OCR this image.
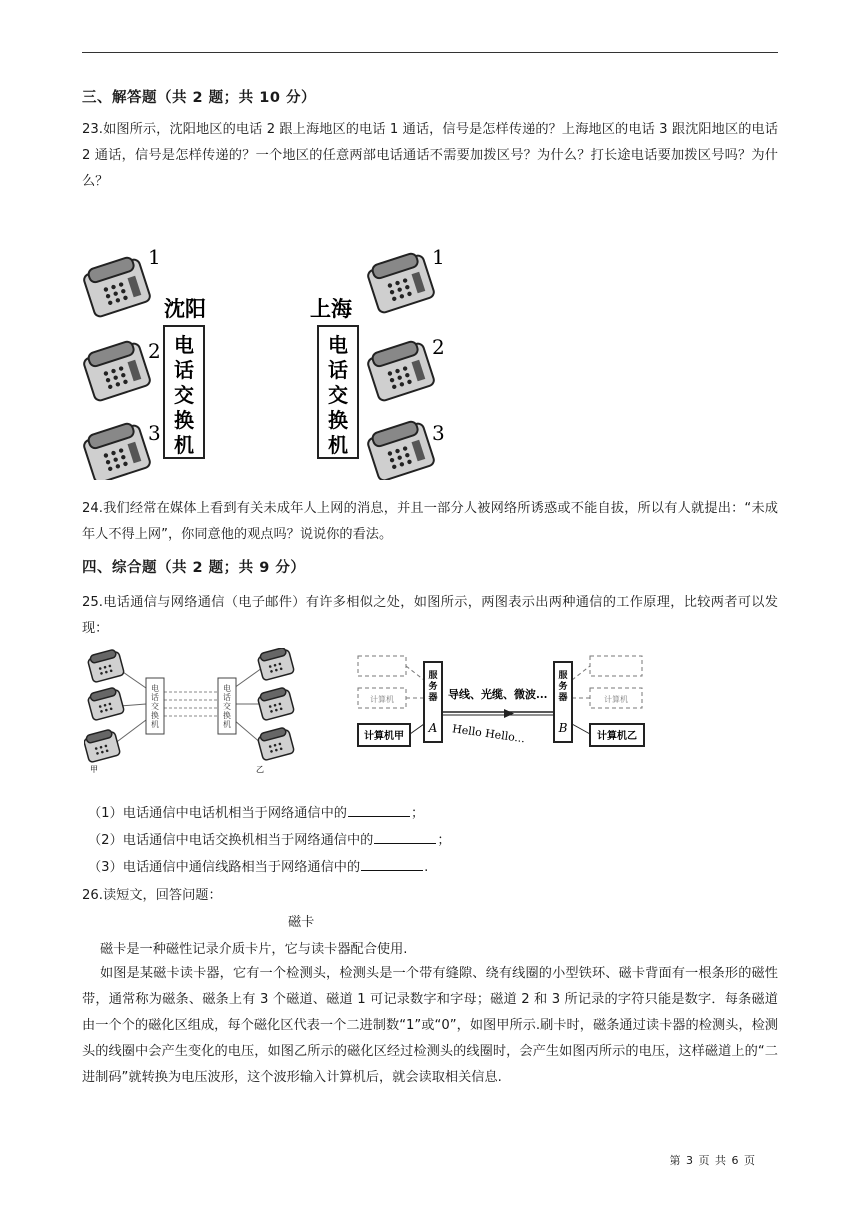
三、解答题（共 2 题；共 10 分）
23.如图所示，沈阳地区的电话 2 跟上海地区的电话 1 通话，信号是怎样传递的？上海地区的电话 3 跟沈阳地区的电话 2 通话，信号是怎样传递的？一个地区的任意两部电话通话不需要加拨区号？为什么？打长途电话要加拨区号吗？为什么？
1
2
3
1
2
3
沈阳	上海
电
话
交
换
机
电
话
交
换
机
24.我们经常在媒体上看到有关未成年人上网的消息，并且一部分人被网络所诱惑或不能自拔，所以有人就提出：“未成年人不得上网”，你同意他的观点吗？说说你的看法。
四、综合题（共 2 题；共 9 分）
25.电话通信与网络通信（电子邮件）有许多相似之处，如图所示，两图表示出两种通信的工作原理，比较两者可以发现：
电
话
交
换
机
电
话
交
换
机
甲	乙
服
务
器
服
务
器
A	B
导线、光缆、微波...
Hello Hello...
计算机	计算机
计算机甲	计算机乙
（1）电话通信中电话机相当于网络通信中的	；
（2）电话通信中电话交换机相当于网络通信中的	；
（3）电话通信中通信线路相当于网络通信中的	.
26.读短文，回答问题：
磁卡
磁卡是一种磁性记录介质卡片，它与读卡器配合使用.
如图是某磁卡读卡器，它有一个检测头，检测头是一个带有缝隙、绕有线圈的小型铁环、磁卡背面有一根条形的磁性带，通常称为磁条、磁条上有 3 个磁道、磁道 1 可记录数字和字母；磁道 2 和 3 所记录的字符只能是数字．每条磁道由一个个的磁化区组成，每个磁化区代表一个二进制数“1”或“0”，如图甲所示.刷卡时，磁条通过读卡器的检测头，检测头的线圈中会产生变化的电压，如图乙所示的磁化区经过检测头的线圈时，会产生如图丙所示的电压，这样磁道上的“二进制码”就转换为电压波形，这个波形输入计算机后，就会读取相关信息.
第 3 页 共 6 页
